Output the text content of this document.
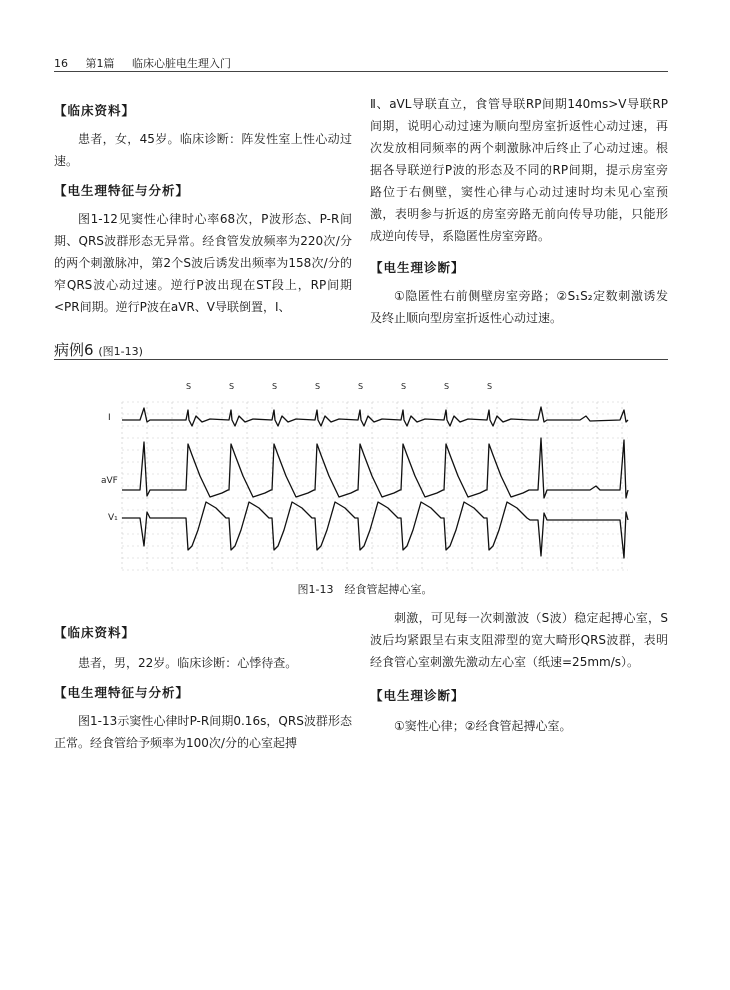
16 第1篇 临床心脏电生理入门

【临床资料】

患者，女，45岁。临床诊断：阵发性室上性心动过速。

【电生理特征与分析】

图1-12见窦性心律时心率68次，P波形态、P-R间期、QRS波群形态无异常。经食管发放频率为220次/分的两个刺激脉冲，第2个S波后诱发出频率为158次/分的窄QRS波心动过速。逆行P波出现在ST段上，RP间期<PR间期。逆行P波在aVR、V导联倒置，Ⅰ、

Ⅱ、aVL导联直立，食管导联RP间期140ms>V导联RP间期，说明心动过速为顺向型房室折返性心动过速，再次发放相同频率的两个刺激脉冲后终止了心动过速。根据各导联逆行P波的形态及不同的RP间期，提示房室旁路位于右侧壁，窦性心律与心动过速时均未见心室预激，表明参与折返的房室旁路无前向传导功能，只能形成逆向传导，系隐匿性房室旁路。

【电生理诊断】

①隐匿性右前侧壁房室旁路；②S₁S₂定数刺激诱发及终止顺向型房室折返性心动过速。

病例6 (图1-13)
S	S	S	S	S	S	S	S
Ⅰ
aVF
V₁
图1-13　经食管起搏心室。

【临床资料】

患者，男，22岁。临床诊断：心悸待查。

【电生理特征与分析】

图1-13示窦性心律时P-R间期0.16s，QRS波群形态正常。经食管给予频率为100次/分的心室起搏

刺激，可见每一次刺激波（S波）稳定起搏心室，S波后均紧跟呈右束支阻滞型的宽大畸形QRS波群，表明经食管心室刺激先激动左心室（纸速=25mm/s）。

【电生理诊断】

①窦性心律；②经食管起搏心室。
